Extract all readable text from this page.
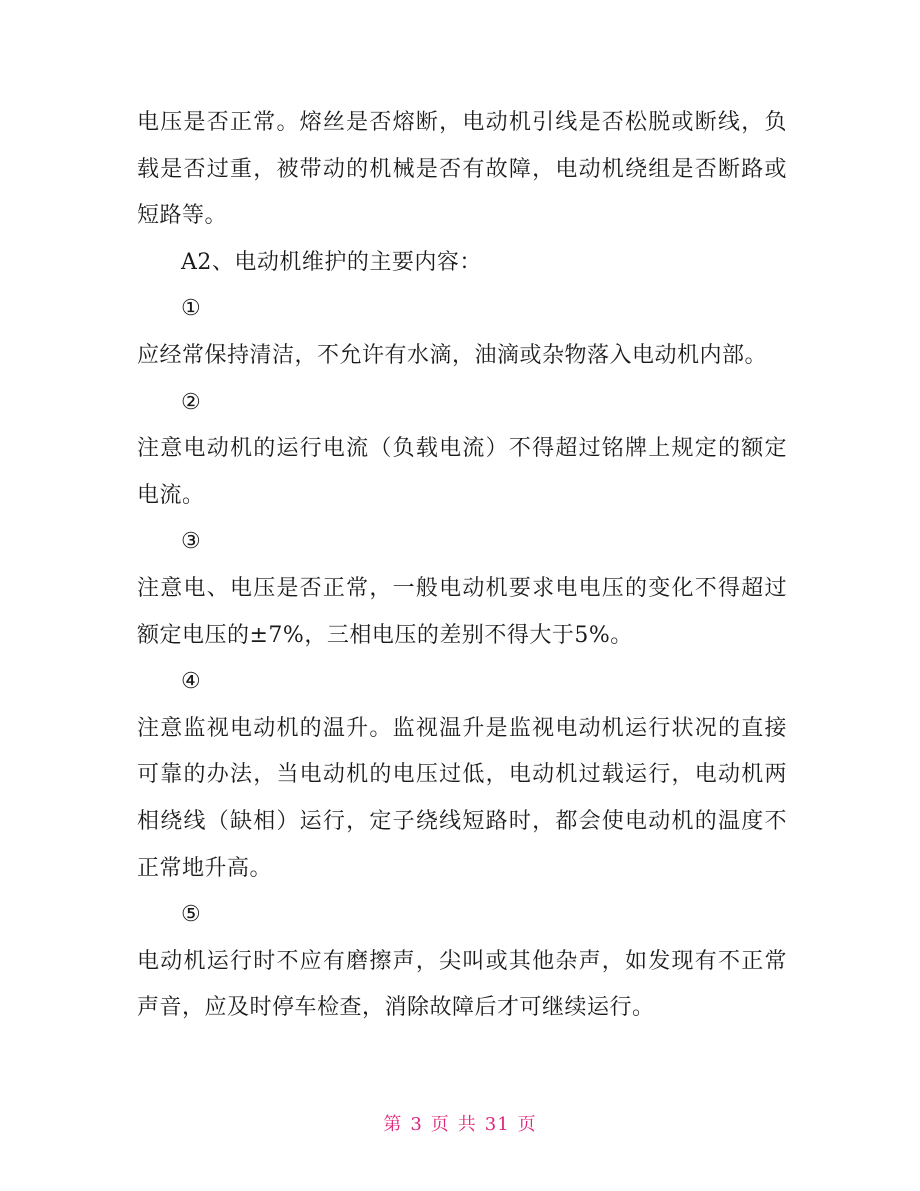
电压是否正常。熔丝是否熔断，电动机引线是否松脱或断线，负载是否过重，被带动的机械是否有故障，电动机绕组是否断路或短路等。

A2、电动机维护的主要内容：

①

应经常保持清洁，不允许有水滴，油滴或杂物落入电动机内部。

②

注意电动机的运行电流（负载电流）不得超过铭牌上规定的额定电流。

③

注意电、电压是否正常，一般电动机要求电电压的变化不得超过额定电压的±7%，三相电压的差别不得大于5%。

④

注意监视电动机的温升。监视温升是监视电动机运行状况的直接可靠的办法，当电动机的电压过低，电动机过载运行，电动机两相绕线（缺相）运行，定子绕线短路时，都会使电动机的温度不正常地升高。

⑤

电动机运行时不应有磨擦声，尖叫或其他杂声，如发现有不正常声音，应及时停车检查，消除故障后才可继续运行。

第 3 页 共 31 页
